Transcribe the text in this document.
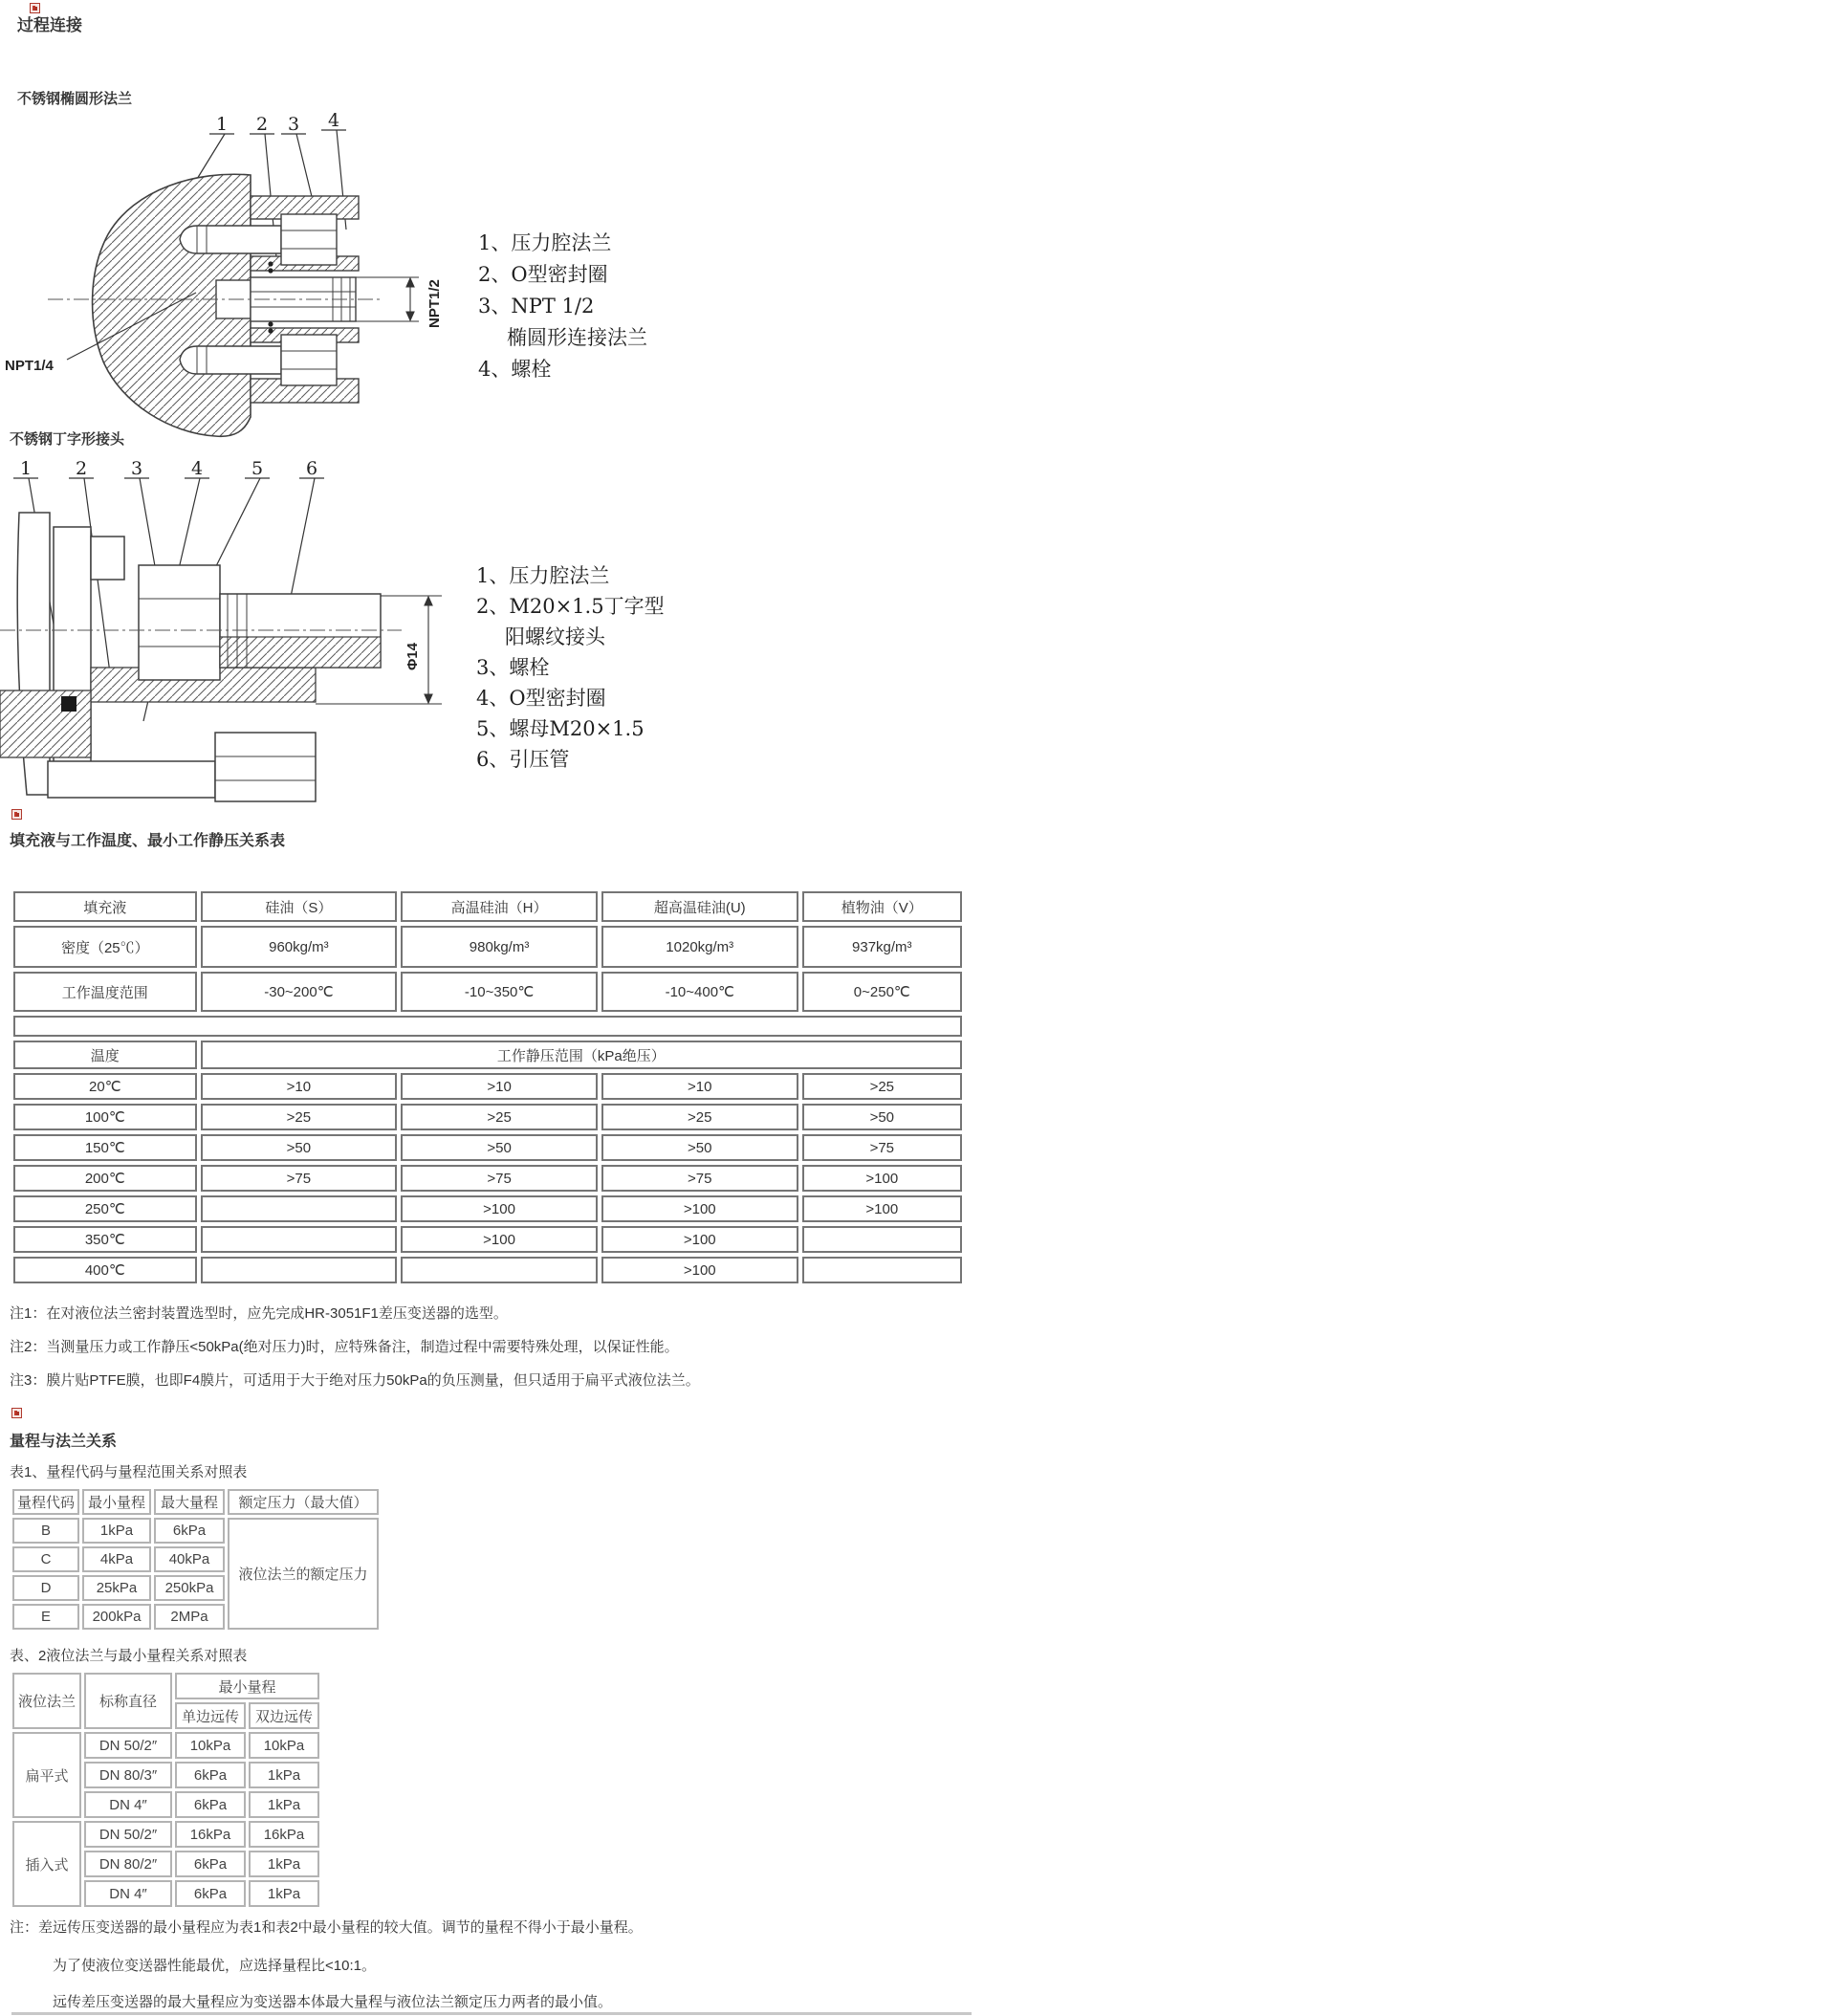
过程连接
不锈钢椭圆形法兰
1 2 3 4
NPT1/2
NPT1/4
1、压力腔法兰
2、O型密封圈
3、NPT 1/2
椭圆形连接法兰
4、螺栓
不锈钢丁字形接头
1 2 3	4	5 6
Φ14
1、压力腔法兰
2、M20×1.5丁字型
阳螺纹接头
3、螺栓
4、O型密封圈
5、螺母M20×1.5
6、引压管
填充液与工作温度、最小工作静压关系表
填充液	硅油（S）	高温硅油（H）	超高温硅油(U)	植物油（V）
密度（25℃）	960kg/m³	980kg/m³	1020kg/m³	937kg/m³
工作温度范围	-30~200℃	-10~350℃	-10~400℃	0~250℃

温度	工作静压范围（kPa绝压）			
20℃	>10	>10	>10	>25
100℃	>25	>25	>25	>50
150℃	>50	>50	>50	>75
200℃	>75	>75	>75	>100
250℃		>100	>100	>100
350℃		>100	>100	
400℃			>100	
注1：在对液位法兰密封装置选型时，应先完成HR-3051F1差压变送器的选型。
注2：当测量压力或工作静压<50kPa(绝对压力)时，应特殊备注，制造过程中需要特殊处理，以保证性能。
注3：膜片贴PTFE膜，也即F4膜片，可适用于大于绝对压力50kPa的负压测量，但只适用于扁平式液位法兰。
量程与法兰关系
表1、量程代码与量程范围关系对照表
量程代码	最小量程	最大量程	额定压力（最大值）
B	1kPa	6kPa	液位法兰的额定压力
C	4kPa	40kPa	
D	25kPa	250kPa	
E	200kPa	2MPa	
表、2液位法兰与最小量程关系对照表
液位法兰	标称直径	最小量程	
		单边远传	双边远传
扁平式	DN 50/2″	10kPa	10kPa
	DN 80/3″	6kPa	1kPa
	DN 4″	6kPa	1kPa
插入式	DN 50/2″	16kPa	16kPa
	DN 80/2″	6kPa	1kPa
	DN 4″	6kPa	1kPa
注：差远传压变送器的最小量程应为表1和表2中最小量程的较大值。调节的量程不得小于最小量程。
为了使液位变送器性能最优，应选择量程比<10:1。
远传差压变送器的最大量程应为变送器本体最大量程与液位法兰额定压力两者的最小值。
